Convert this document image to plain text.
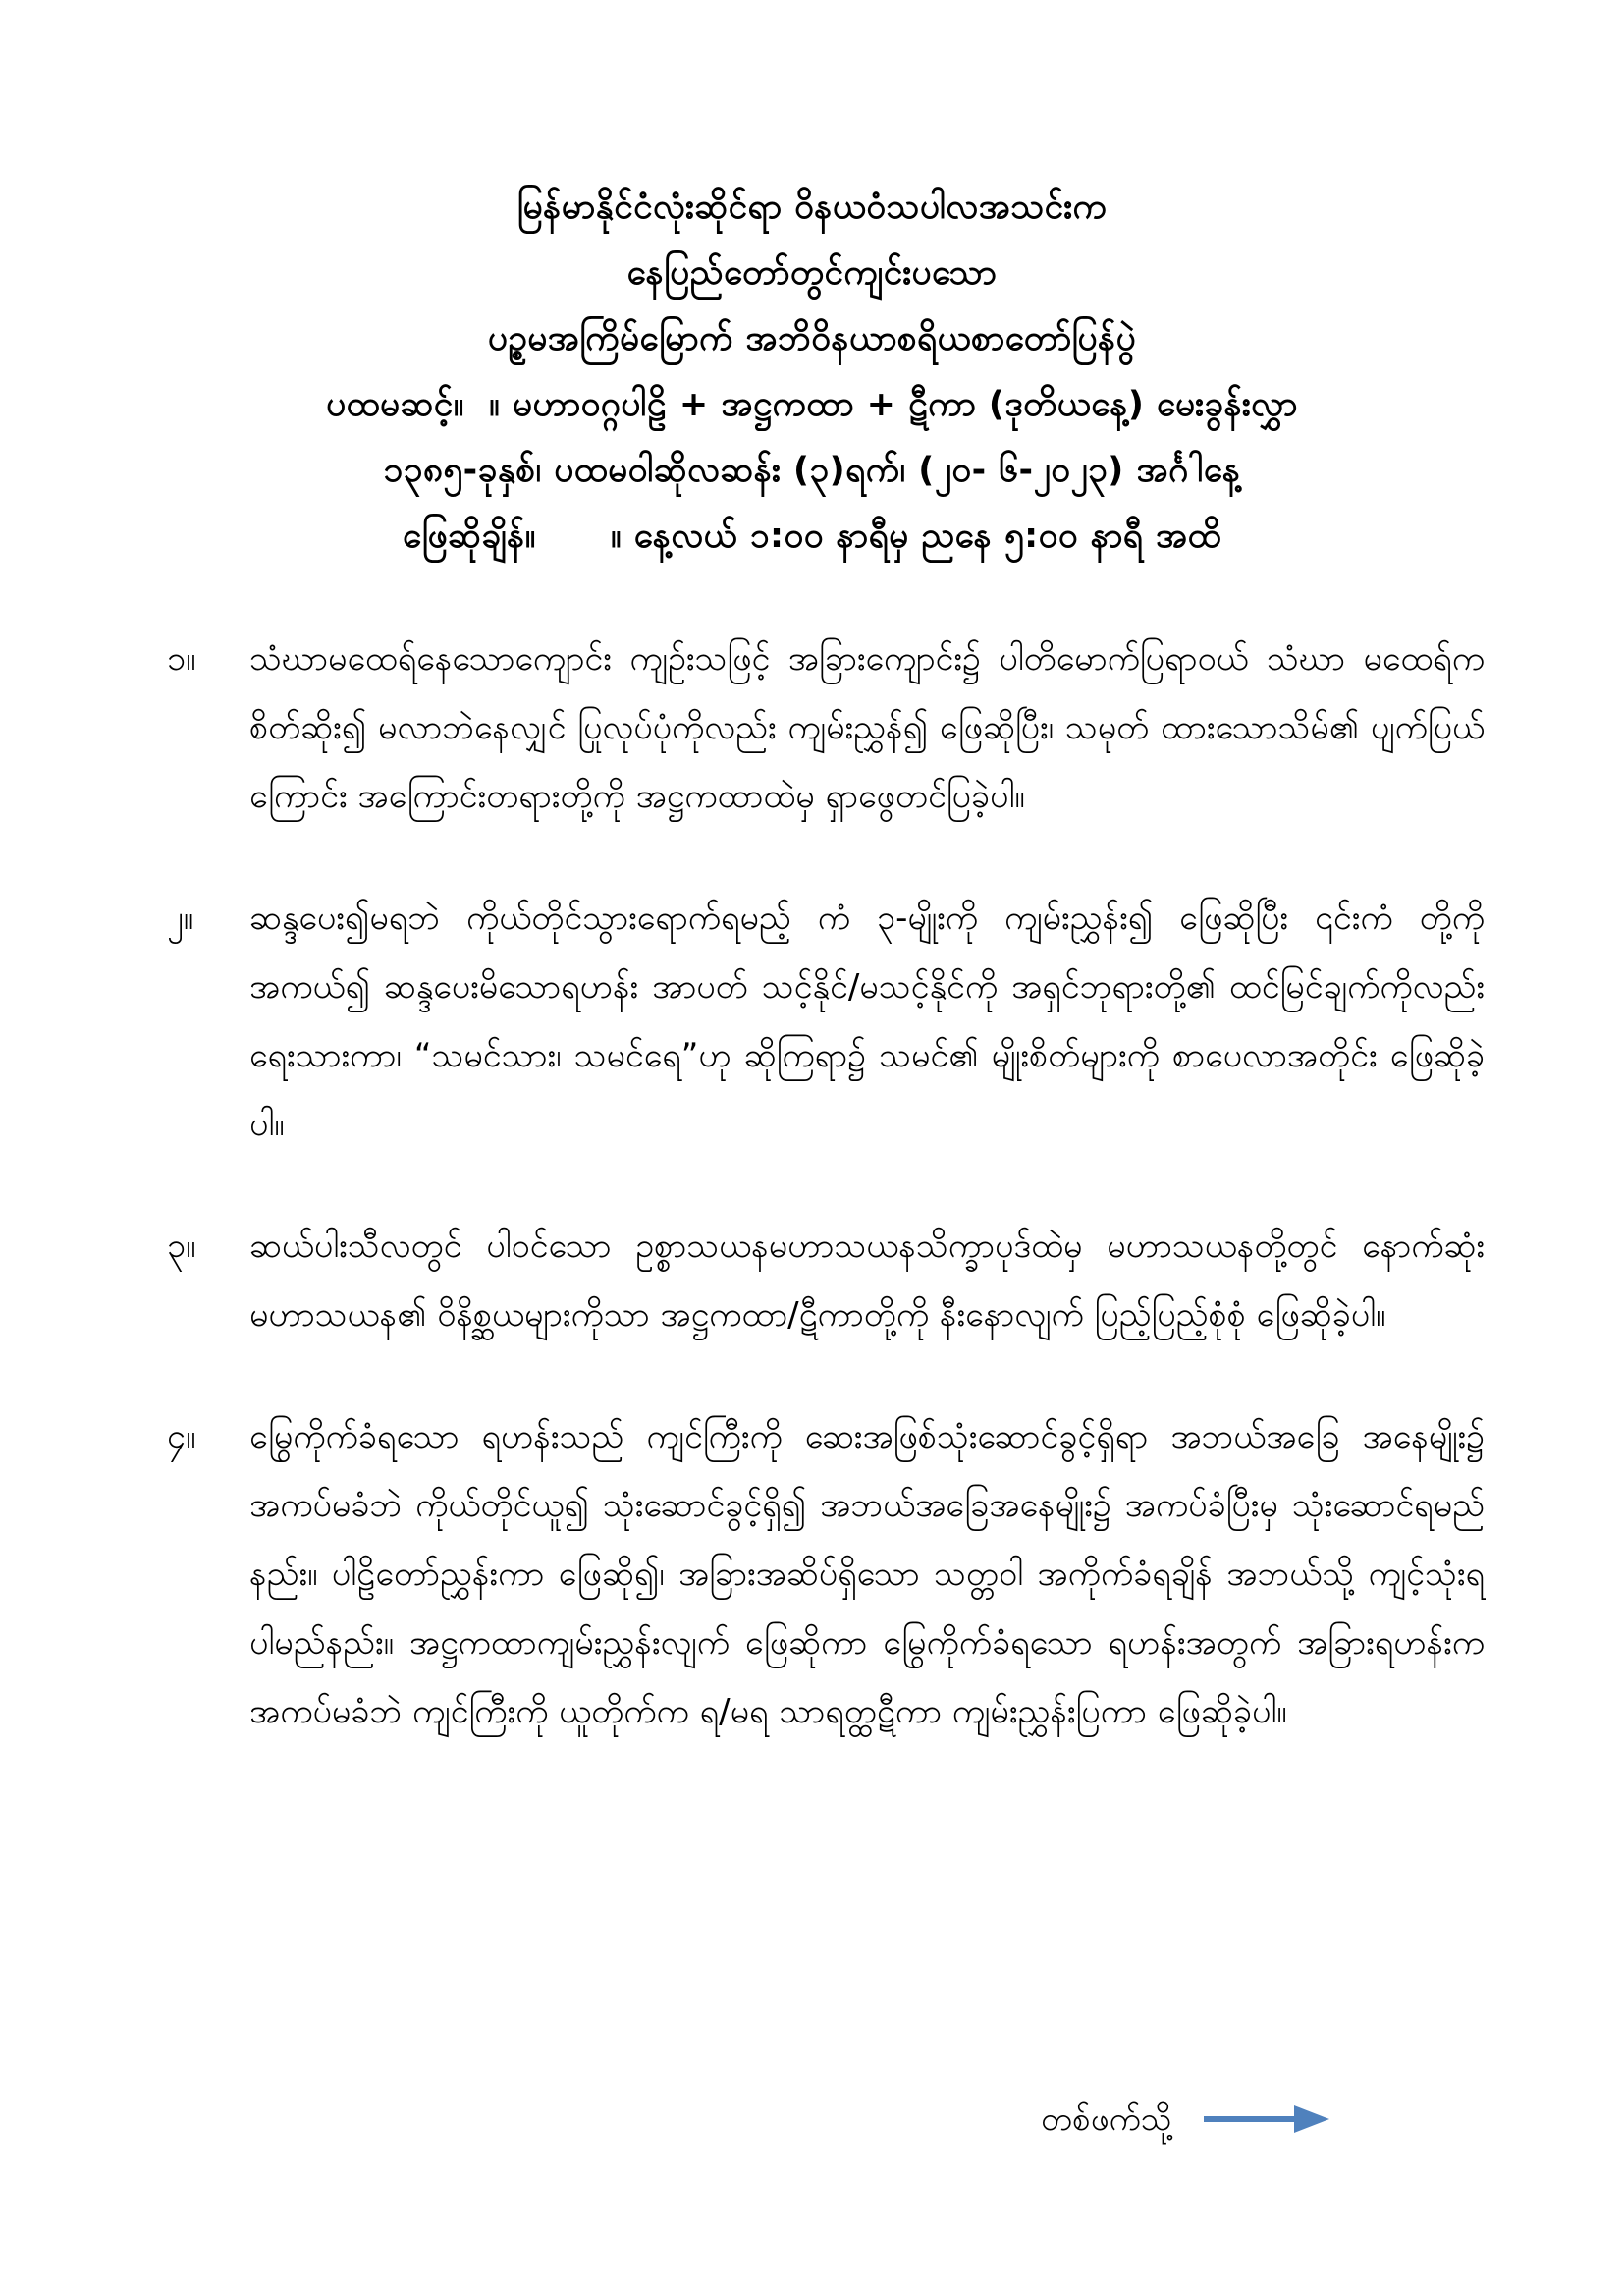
မြန်မာနိုင်ငံလုံးဆိုင်ရာ ဝိနယဝံသပါလအသင်းက
နေပြည်တော်တွင်ကျင်းပသော
ပဉ္စမအကြိမ်မြောက် အဘိဝိနယာစရိယစာတော်ပြန်ပွဲ
ပထမဆင့်။  ။ မဟာဝဂ္ဂပါဠိ + အဋ္ဌကထာ + ဋီကာ (ဒုတိယနေ့) မေးခွန်းလွှာ
၁၃၈၅-ခုနှစ်၊ ပထမဝါဆိုလဆန်း (၃)ရက်၊ (၂၀- ၆-၂၀၂၃) အင်္ဂါနေ့
ဖြေဆိုချိန်။      ။ နေ့လယ် ၁:၀၀ နာရီမှ ညနေ ၅:၀၀ နာရီ အထိ
၁။	သံဃာမထေရ်နေသောကျောင်း ကျဉ်းသဖြင့် အခြားကျောင်း၌ ပါတိမောက်ပြရာဝယ် သံဃာ မထေရ်က စိတ်ဆိုး၍ မလာဘဲနေလျှင် ပြုလုပ်ပုံကိုလည်း ကျမ်းညွှန်၍ ဖြေဆိုပြီး၊ သမုတ် ထားသောသိမ်၏ ပျက်ပြယ်ကြောင်း အကြောင်းတရားတို့ကို အဋ္ဌကထာထဲမှ ရှာဖွေတင်ပြခဲ့ပါ။

၂။	ဆန္ဒပေး၍မရဘဲ ကိုယ်တိုင်သွားရောက်ရမည့် ကံ ၃-မျိုးကို ကျမ်းညွှန်း၍ ဖြေဆိုပြီး ၎င်းကံ တို့ကို အကယ်၍ ဆန္ဒပေးမိသောရဟန်း အာပတ် သင့်နိုင်/မသင့်နိုင်ကို အရှင်ဘုရားတို့၏ ထင်မြင်ချက်ကိုလည်း ရေးသားကာ၊ “သမင်သား၊ သမင်ရေ”ဟု ဆိုကြရာ၌ သမင်၏ မျိုးစိတ်များကို စာပေလာအတိုင်း ဖြေဆိုခဲ့ပါ။

၃။	ဆယ်ပါးသီလတွင် ပါဝင်သော ဥစ္စာသယနမဟာသယနသိက္ခာပုဒ်ထဲမှ မဟာသယနတို့တွင် နောက်ဆုံး မဟာသယန၏ ဝိနိစ္ဆယများကိုသာ အဋ္ဌကထာ/ဋီကာတို့ကို နီးနောလျက် ပြည့်ပြည့်စုံစုံ ဖြေဆိုခဲ့ပါ။

၄။	မြွေကိုက်ခံရသော ရဟန်းသည် ကျင်ကြီးကို ဆေးအဖြစ်သုံးဆောင်ခွင့်ရှိရာ အဘယ်အခြေ အနေမျိုး၌ အကပ်မခံဘဲ ကိုယ်တိုင်ယူ၍ သုံးဆောင်ခွင့်ရှိ၍ အဘယ်အခြေအနေမျိုး၌ အကပ်ခံပြီးမှ သုံးဆောင်ရမည်နည်း။ ပါဠိတော်ညွှန်းကာ ဖြေဆို၍၊ အခြားအဆိပ်ရှိသော သတ္တဝါ အကိုက်ခံရချိန် အဘယ်သို့ ကျင့်သုံးရပါမည်နည်း။ အဋ္ဌကထာကျမ်းညွှန်းလျက် ဖြေဆိုကာ မြွေကိုက်ခံရသော ရဟန်းအတွက် အခြားရဟန်းက အကပ်မခံဘဲ ကျင်ကြီးကို ယူတိုက်က ရ/မရ သာရတ္ထဋီကာ ကျမ်းညွှန်းပြကာ ဖြေဆိုခဲ့ပါ။

တစ်ဖက်သို့
